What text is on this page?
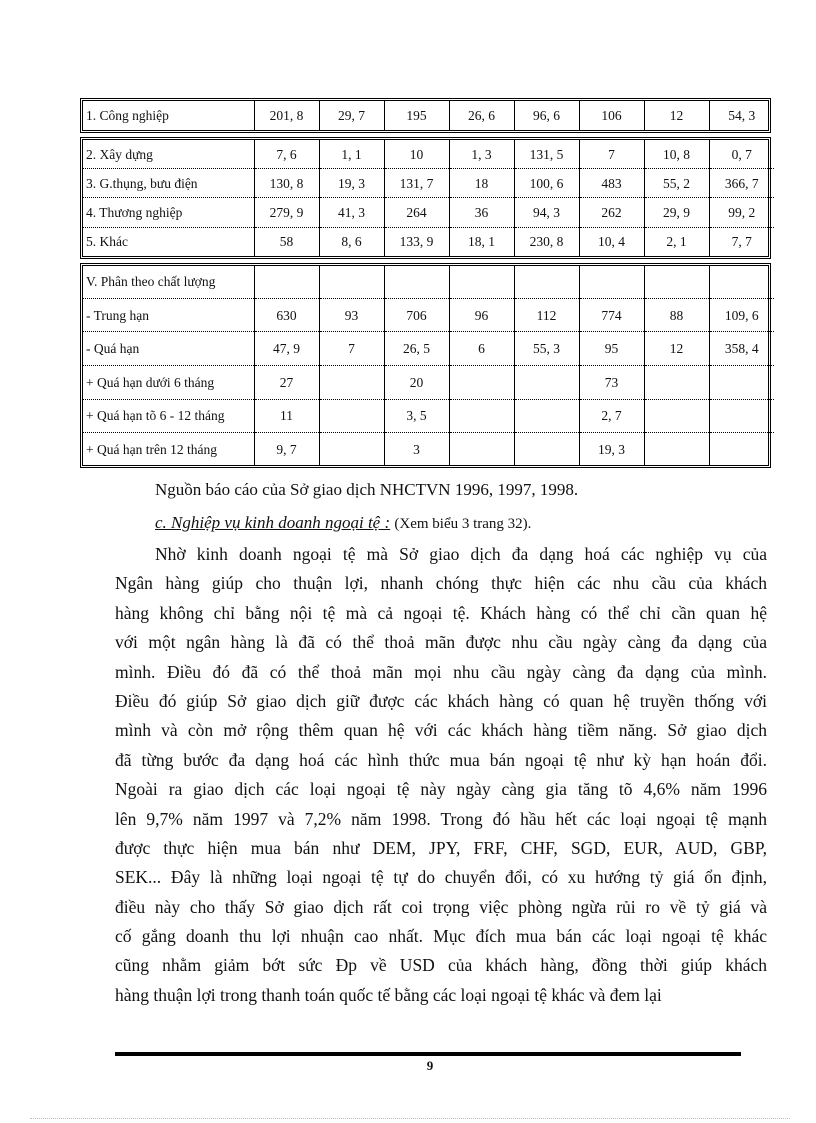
1. Công nghiệp	201, 8	29, 7	195	26, 6	96, 6	106	12	54, 3
2. Xây dựng	7, 6	1, 1	10	1, 3	131, 5	7	10, 8	0, 7
3. G.thụng, bưu điện	130, 8	19, 3	131, 7	18	100, 6	483	55, 2	366, 7
4. Thương nghiệp	279, 9	41, 3	264	36	94, 3	262	29, 9	99, 2
5. Khác	58	8, 6	133, 9	18, 1	230, 8	10, 4	2, 1	7, 7
V. Phân theo chất lượng								
- Trung hạn	630	93	706	96	112	774	88	109, 6
- Quá hạn	47, 9	7	26, 5	6	55, 3	95	12	358, 4
+ Quá hạn dưới 6 tháng	27		20			73		
+ Quá hạn tõ 6 - 12 tháng	11		3, 5			2, 7		
+ Quá hạn trên 12 tháng	9, 7		3			19, 3		
Nguồn báo cáo của Sở giao dịch NHCTVN 1996, 1997, 1998.
c. Nghiệp vụ kinh doanh ngoại tệ : (Xem biểu 3 trang 32).
Nhờ kinh doanh ngoại tệ mà Sở giao dịch đa dạng hoá các nghiệp vụ của
Ngân hàng giúp cho thuận lợi, nhanh chóng thực hiện các nhu cầu của khách
hàng không chỉ bằng nội tệ mà cả ngoại tệ. Khách hàng có thể chỉ cần quan hệ
với một ngân hàng là đã có thể thoả mãn được nhu cầu ngày càng đa dạng của
mình. Điều đó đã có thể thoả mãn mọi nhu cầu ngày càng đa dạng của mình.
Điều đó giúp Sở giao dịch giữ được các khách hàng có quan hệ truyền thống với
mình và còn mở rộng thêm quan hệ với các khách hàng tiềm năng. Sở giao dịch
đã từng bước đa dạng hoá các hình thức mua bán ngoại tệ như kỳ hạn hoán đổi.
Ngoài ra giao dịch các loại ngoại tệ này ngày càng gia tăng tõ 4,6% năm 1996
lên 9,7% năm 1997 và 7,2% năm 1998. Trong đó hầu hết các loại ngoại tệ mạnh
được thực hiện mua bán như DEM, JPY, FRF, CHF, SGD, EUR, AUD, GBP,
SEK... Đây là những loại ngoại tệ tự do chuyển đổi, có xu hướng tỷ giá ổn định,
điều này cho thấy Sở giao dịch rất coi trọng việc phòng ngừa rủi ro về tỷ giá và
cố gắng doanh thu lợi nhuận cao nhất. Mục đích mua bán các loại ngoại tệ khác
cũng nhằm giảm bớt sức Ðp về USD của khách hàng, đồng thời giúp khách
hàng thuận lợi trong thanh toán quốc tế bằng các loại ngoại tệ khác và đem lại
9
